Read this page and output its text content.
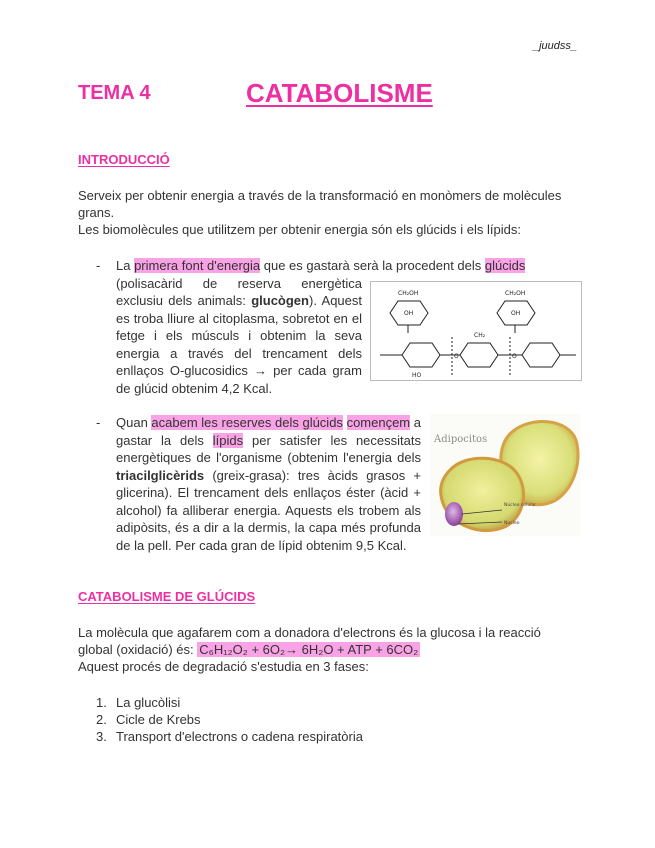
_juudss_
TEMA 4	CATABOLISME
INTRODUCCIÓ
Serveix per obtenir energia a través de la transformació en monòmers de molècules
grans.
Les biomolècules que utilitzem per obtenir energia són els glúcids i els lípids:
- La primera font d'energia que es gastarà serà la procedent dels glúcids
(polisacàrid de reserva energètica exclusiu dels animals: glucògen). Aquest es troba lliure al citoplasma, sobretot en el fetge i els músculs i obtenim la seva energia a través del trencament dels enllaços O-glucosidics → per cada gram de glúcid obtenim 4,2 Kcal.
CH₂OH	CH₂OH
OH	OH
O	O
HO
CH₂
- Quan acabem les reserves dels glúcids començem a gastar la dels lípids per satisfer les necessitats energètiques de l'organisme (obtenim l'energia dels triacilglicèrids (greix-grasa): tres àcids grasos + glicerina). El trencament dels enllaços éster (àcid + alcohol) fa alliberar energia. Aquests els trobem als adipòsits, és a dir a la dermis, la capa més profunda de la pell. Per cada gran de lípid obtenim 9,5 Kcal.
Adipocitos
Núcleo celular
Nucleo
CATABOLISME DE GLÚCIDS
La molècula que agafarem com a donadora d'electrons és la glucosa i la reacció
global (oxidació) és: C₆H₁₂O₂ + 6O₂→ 6H₂O + ATP + 6CO₂
Aquest procés de degradació s'estudia en 3 fases:
1. La glucòlisi
2. Cicle de Krebs
3. Transport d'electrons o cadena respiratòria
